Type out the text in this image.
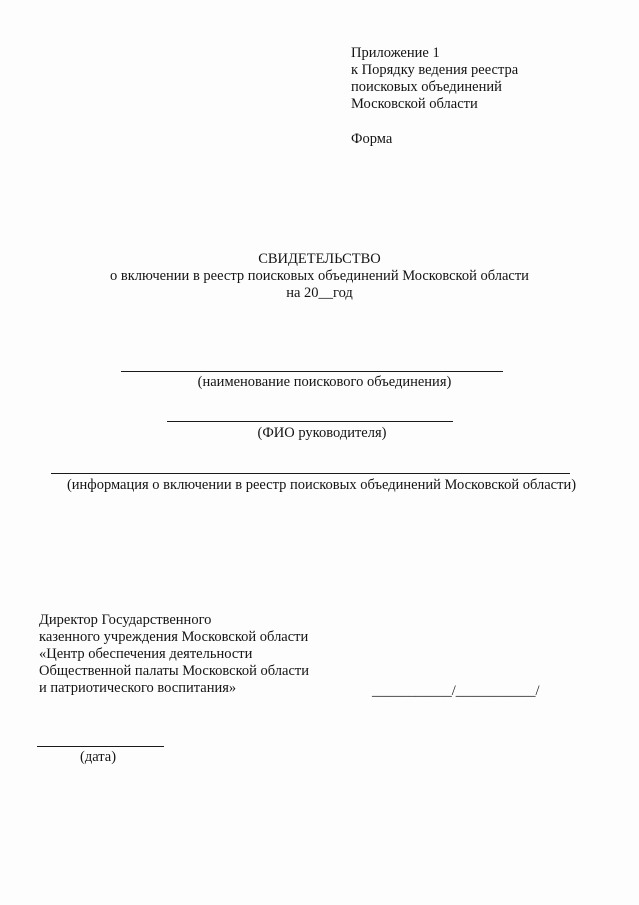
Приложение 1
к Порядку ведения реестра
поисковых объединений
Московской области
Форма
СВИДЕТЕЛЬСТВО
о включении в реестр поисковых объединений Московской области
на 20__год
(наименование поискового объединения)
(ФИО руководителя)
(информация о включении в реестр поисковых объединений Московской области)
Директор Государственного
казенного учреждения Московской области
«Центр обеспечения деятельности
Общественной палаты Московской области
и патриотического воспитания»	___________/___________/
(дата)
